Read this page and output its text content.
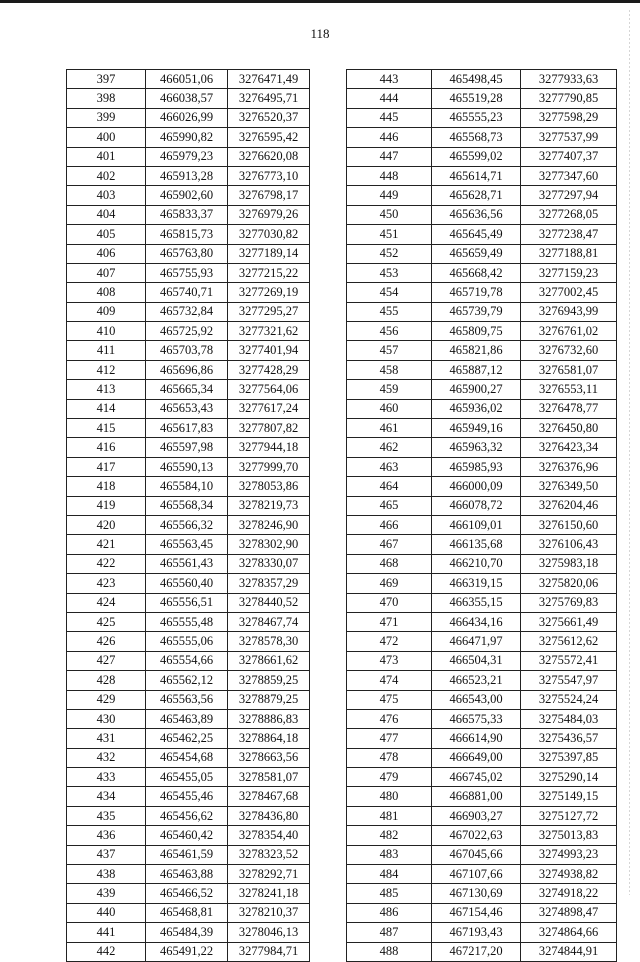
118
397	466051,06	3276471,49
398	466038,57	3276495,71
399	466026,99	3276520,37
400	465990,82	3276595,42
401	465979,23	3276620,08
402	465913,28	3276773,10
403	465902,60	3276798,17
404	465833,37	3276979,26
405	465815,73	3277030,82
406	465763,80	3277189,14
407	465755,93	3277215,22
408	465740,71	3277269,19
409	465732,84	3277295,27
410	465725,92	3277321,62
411	465703,78	3277401,94
412	465696,86	3277428,29
413	465665,34	3277564,06
414	465653,43	3277617,24
415	465617,83	3277807,82
416	465597,98	3277944,18
417	465590,13	3277999,70
418	465584,10	3278053,86
419	465568,34	3278219,73
420	465566,32	3278246,90
421	465563,45	3278302,90
422	465561,43	3278330,07
423	465560,40	3278357,29
424	465556,51	3278440,52
425	465555,48	3278467,74
426	465555,06	3278578,30
427	465554,66	3278661,62
428	465562,12	3278859,25
429	465563,56	3278879,25
430	465463,89	3278886,83
431	465462,25	3278864,18
432	465454,68	3278663,56
433	465455,05	3278581,07
434	465455,46	3278467,68
435	465456,62	3278436,80
436	465460,42	3278354,40
437	465461,59	3278323,52
438	465463,88	3278292,71
439	465466,52	3278241,18
440	465468,81	3278210,37
441	465484,39	3278046,13
442	465491,22	3277984,71
443	465498,45	3277933,63
444	465519,28	3277790,85
445	465555,23	3277598,29
446	465568,73	3277537,99
447	465599,02	3277407,37
448	465614,71	3277347,60
449	465628,71	3277297,94
450	465636,56	3277268,05
451	465645,49	3277238,47
452	465659,49	3277188,81
453	465668,42	3277159,23
454	465719,78	3277002,45
455	465739,79	3276943,99
456	465809,75	3276761,02
457	465821,86	3276732,60
458	465887,12	3276581,07
459	465900,27	3276553,11
460	465936,02	3276478,77
461	465949,16	3276450,80
462	465963,32	3276423,34
463	465985,93	3276376,96
464	466000,09	3276349,50
465	466078,72	3276204,46
466	466109,01	3276150,60
467	466135,68	3276106,43
468	466210,70	3275983,18
469	466319,15	3275820,06
470	466355,15	3275769,83
471	466434,16	3275661,49
472	466471,97	3275612,62
473	466504,31	3275572,41
474	466523,21	3275547,97
475	466543,00	3275524,24
476	466575,33	3275484,03
477	466614,90	3275436,57
478	466649,00	3275397,85
479	466745,02	3275290,14
480	466881,00	3275149,15
481	466903,27	3275127,72
482	467022,63	3275013,83
483	467045,66	3274993,23
484	467107,66	3274938,82
485	467130,69	3274918,22
486	467154,46	3274898,47
487	467193,43	3274864,66
488	467217,20	3274844,91
